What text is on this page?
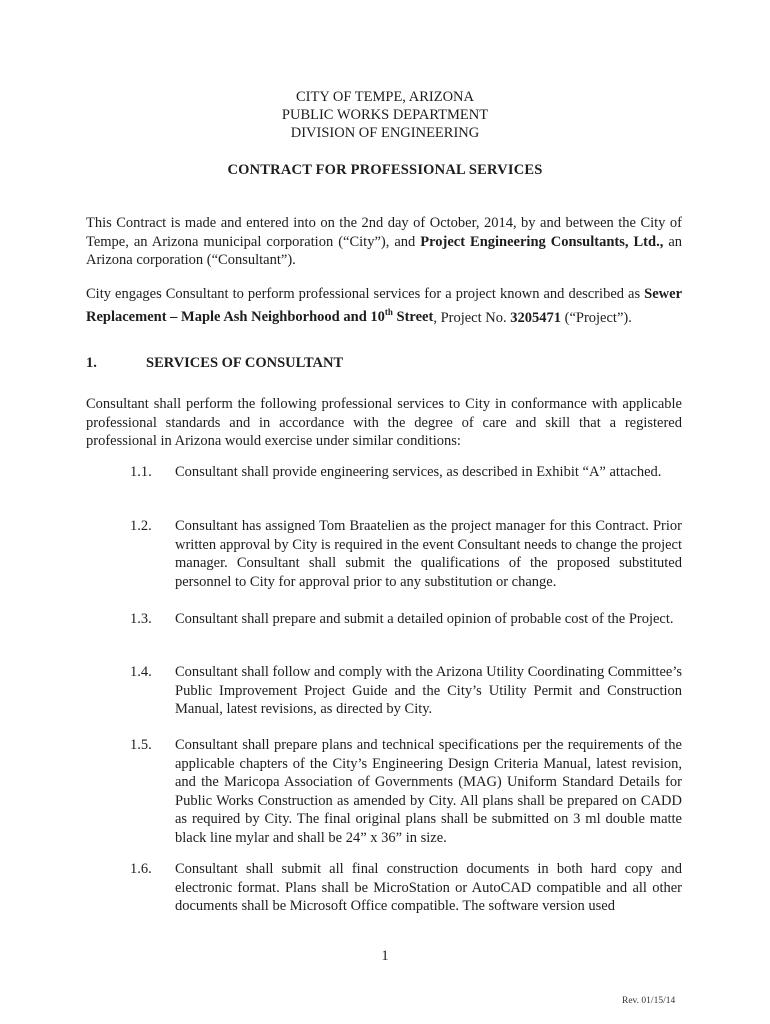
CITY OF TEMPE, ARIZONA
PUBLIC WORKS DEPARTMENT
DIVISION OF ENGINEERING
CONTRACT FOR PROFESSIONAL SERVICES
This Contract is made and entered into on the 2nd day of October, 2014, by and between the City of Tempe, an Arizona municipal corporation (“City”), and Project Engineering Consultants, Ltd., an Arizona corporation (“Consultant”).
City engages Consultant to perform professional services for a project known and described as Sewer Replacement – Maple Ash Neighborhood and 10th Street, Project No. 3205471 (“Project”).
1.	SERVICES OF CONSULTANT
Consultant shall perform the following professional services to City in conformance with applicable professional standards and in accordance with the degree of care and skill that a registered professional in Arizona would exercise under similar conditions:
1.1.	Consultant shall provide engineering services, as described in Exhibit “A” attached.
1.2.	Consultant has assigned Tom Braatelien as the project manager for this Contract. Prior written approval by City is required in the event Consultant needs to change the project manager. Consultant shall submit the qualifications of the proposed substituted personnel to City for approval prior to any substitution or change.
1.3.	Consultant shall prepare and submit a detailed opinion of probable cost of the Project.
1.4.	Consultant shall follow and comply with the Arizona Utility Coordinating Committee’s Public Improvement Project Guide and the City’s Utility Permit and Construction Manual, latest revisions, as directed by City.
1.5.	Consultant shall prepare plans and technical specifications per the requirements of the applicable chapters of the City’s Engineering Design Criteria Manual, latest revision, and the Maricopa Association of Governments (MAG) Uniform Standard Details for Public Works Construction as amended by City. All plans shall be prepared on CADD as required by City. The final original plans shall be submitted on 3 ml double matte black line mylar and shall be 24” x 36” in size.
1.6.	Consultant shall submit all final construction documents in both hard copy and electronic format. Plans shall be MicroStation or AutoCAD compatible and all other documents shall be Microsoft Office compatible. The software version used
1
Rev. 01/15/14
